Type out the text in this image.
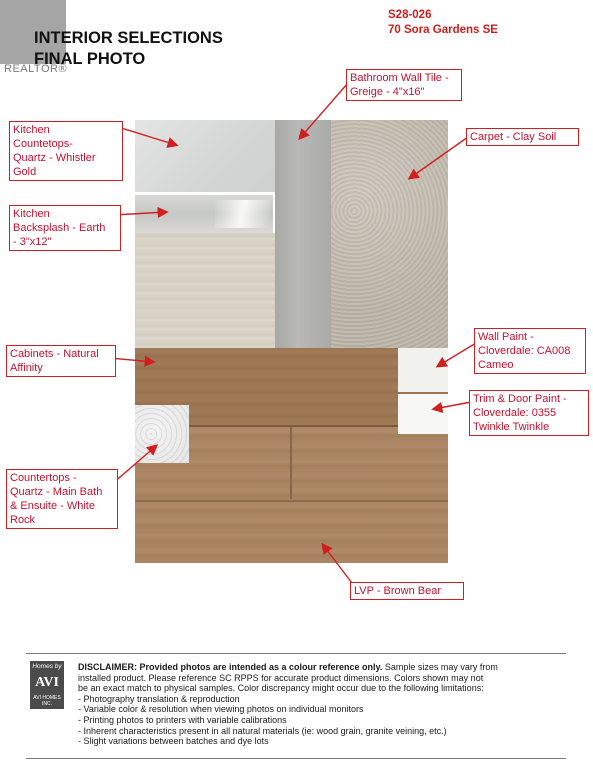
REALTOR®
INTERIOR SELECTIONS
FINAL PHOTO
S28-026
70 Sora Gardens SE
Bathroom Wall Tile -
Greige - 4"x16"
Kitchen
Countetops-
Quartz - Whistler
Gold
Carpet - Clay Soil
Kitchen
Backsplash - Earth
- 3"x12"
Cabinets - Natural
Affinity
Wall Paint -
Cloverdale: CA008
Cameo
Trim & Door Paint -
Cloverdale: 0355
Twinkle Twinkle
Countertops -
Quartz - Main Bath
& Ensuite - White
Rock
LVP - Brown Bear
Homes by
AVI
AVI HOMES INC.
DISCLAIMER: Provided photos are intended as a colour reference only. Sample sizes may vary from
installed product. Please reference SC RPPS for accurate product dimensions. Colors shown may not
be an exact match to physical samples. Color discrepancy might occur due to the following limitations:
- Photography translation & reproduction
- Variable color & resolution when viewing photos on individual monitors
- Printing photos to printers with variable calibrations
- Inherent characteristics present in all natural materials (ie: wood grain, granite veining, etc.)
- Slight variations between batches and dye lots
